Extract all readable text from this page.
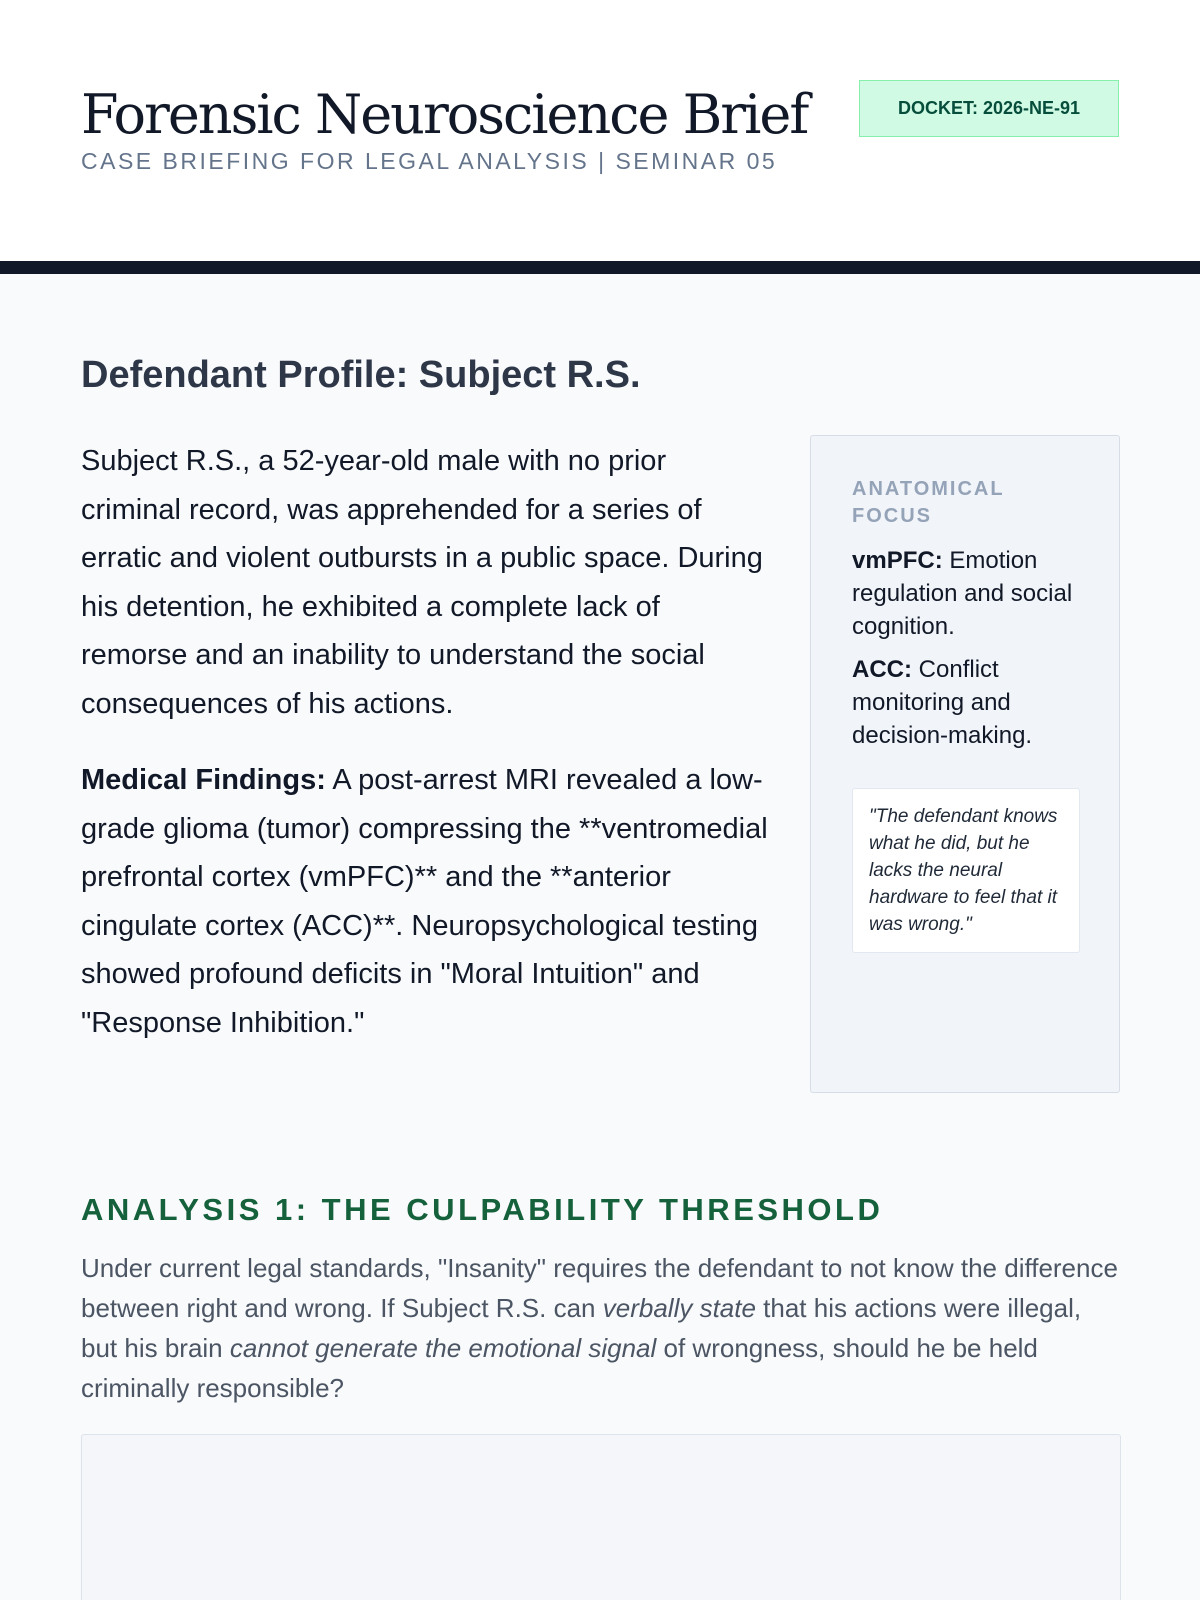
Forensic Neuroscience Brief
CASE BRIEFING FOR LEGAL ANALYSIS | SEMINAR 05
DOCKET: 2026-NE-91
Defendant Profile: Subject R.S.

Subject R.S., a 52-year-old male with no prior criminal record, was apprehended for a series of erratic and violent outbursts in a public space. During his detention, he exhibited a complete lack of remorse and an inability to understand the social consequences of his actions.

Medical Findings: A post-arrest MRI revealed a low-grade glioma (tumor) compressing the **ventromedial prefrontal cortex (vmPFC)** and the **anterior cingulate cortex (ACC)**. Neuropsychological testing showed profound deficits in "Moral Intuition" and "Response Inhibition."

ANATOMICAL FOCUS

vmPFC: Emotion regulation and social cognition.

ACC: Conflict monitoring and decision-making.

"The defendant knows what he did, but he lacks the neural hardware to feel that it was wrong."
ANALYSIS 1: THE CULPABILITY THRESHOLD

Under current legal standards, "Insanity" requires the defendant to not know the difference between right and wrong. If Subject R.S. can verbally state that his actions were illegal, but his brain cannot generate the emotional signal of wrongness, should he be held criminally responsible?
